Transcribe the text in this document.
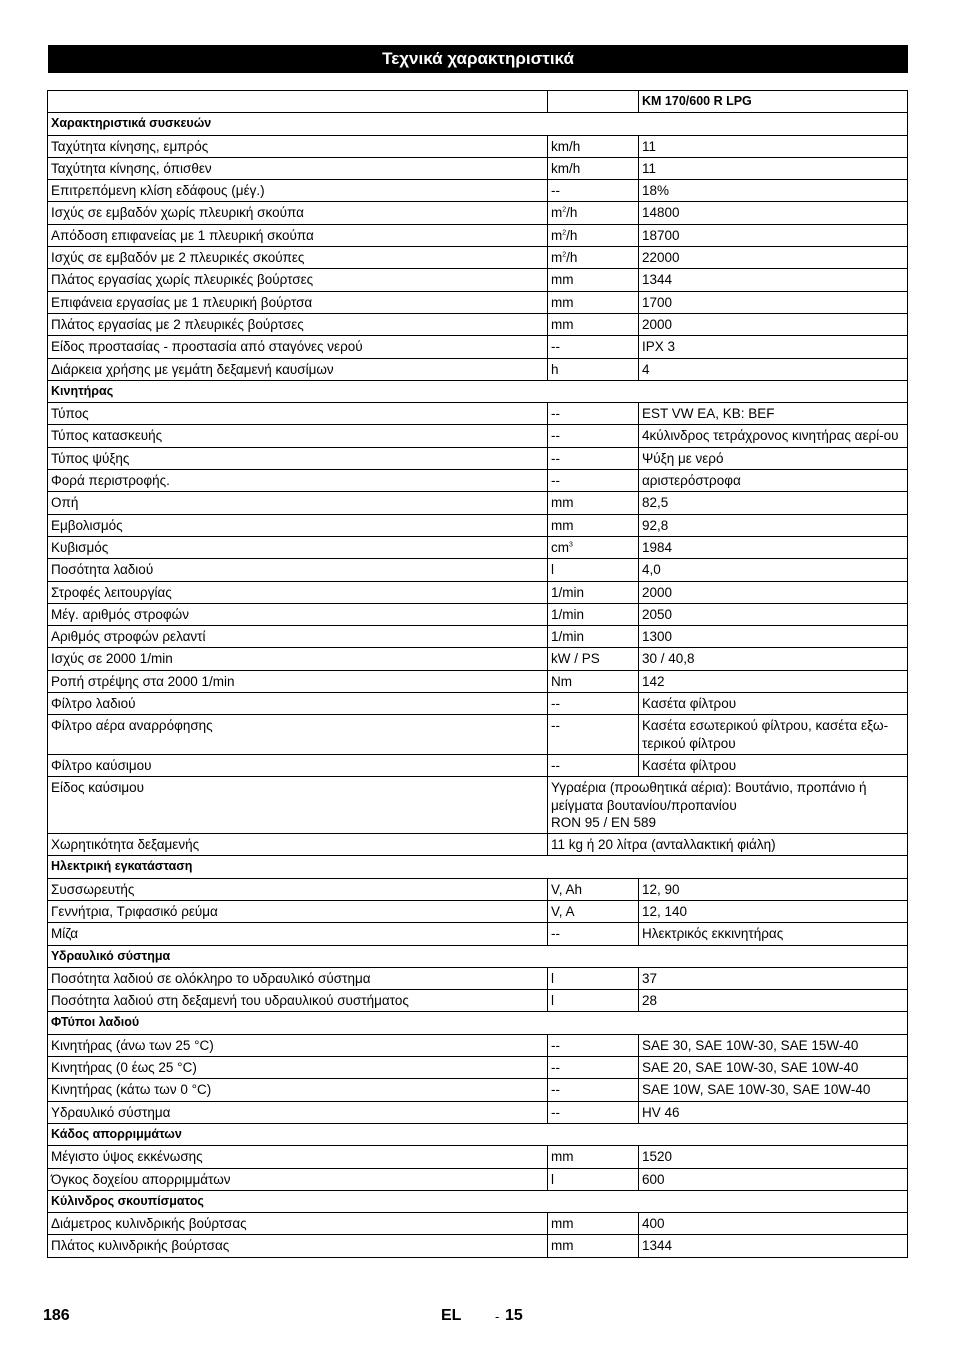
Τεχνικά χαρακτηριστικά
		KM 170/600 R LPG
Χαρακτηριστικά συσκευών		
Ταχύτητα κίνησης, εμπρός	km/h	11
Ταχύτητα κίνησης, όπισθεν	km/h	11
Επιτρεπόμενη κλίση εδάφους (μέγ.)	--	18%
Ισχύς σε εμβαδόν χωρίς πλευρική σκούπα	$m^2/h$	14800
Απόδοση επιφανείας με 1 πλευρική σκούπα	$m^2/h$	18700
Ισχύς σε εμβαδόν με 2 πλευρικές σκούπες	$m^2/h$	22000
Πλάτος εργασίας χωρίς πλευρικές βούρτσες	mm	1344
Επιφάνεια εργασίας με 1 πλευρική βούρτσα	mm	1700
Πλάτος εργασίας με 2 πλευρικές βούρτσες	mm	2000
Είδος προστασίας - προστασία από σταγόνες νερού	--	IPX 3
Διάρκεια χρήσης με γεμάτη δεξαμενή καυσίμων	h	4
Κινητήρας		
Τύπος	--	EST VW EA, KB: BEF
Τύπος κατασκευής	--	4κύλινδρος τετράχρονος κινητήρας αερί-ου
Τύπος ψύξης	--	Ψύξη με νερό
Φορά περιστροφής.	--	αριστερόστροφα
Οπή	mm	82,5
Εμβολισμός	mm	92,8
Κυβισμός	$cm^3$	1984
Ποσότητα λαδιού	l	4,0
Στροφές λειτουργίας	1/min	2000
Μέγ. αριθμός στροφών	1/min	2050
Αριθμός στροφών ρελαντί	1/min	1300
Ισχύς σε 2000 1/min	kW / PS	30 / 40,8
Ροπή στρέψης στα 2000 1/min	Nm	142
Φίλτρο λαδιού	--	Κασέτα φίλτρου
Φίλτρο αέρα αναρρόφησης	--	Κασέτα εσωτερικού φίλτρου, κασέτα εξω-τερικού φίλτρου
Φίλτρο καύσιμου	--	Κασέτα φίλτρου
Είδος καύσιμου	Υγραέρια (προωθητικά αέρια): Βουτάνιο, προπάνιο ή μείγματα βουτανίου/προπανίου
RON 95 / EN 589	
Χωρητικότητα δεξαμενής	11 kg ή 20 λίτρα (ανταλλακτική φιάλη)	
Ηλεκτρική εγκατάσταση		
Συσσωρευτής	V, Ah	12, 90
Γεννήτρια, Τριφασικό ρεύμα	V, A	12, 140
Μίζα	--	Ηλεκτρικός εκκινητήρας
Υδραυλικό σύστημα		
Ποσότητα λαδιού σε ολόκληρο το υδραυλικό σύστημα	l	37
Ποσότητα λαδιού στη δεξαμενή του υδραυλικού συστήματος	l	28
ΦΤύποι λαδιού		
Κινητήρας (άνω των 25 °C)	--	SAE 30, SAE 10W-30, SAE 15W-40
Κινητήρας (0 έως 25 °C)	--	SAE 20, SAE 10W-30, SAE 10W-40
Κινητήρας (κάτω των 0 °C)	--	SAE 10W, SAE 10W-30, SAE 10W-40
Υδραυλικό σύστημα	--	HV 46
Κάδος απορριμμάτων		
Μέγιστο ύψος εκκένωσης	mm	1520
Όγκος δοχείου απορριμμάτων	l	600
Κύλινδρος σκουπίσματος		
Διάμετρος κυλινδρικής βούρτσας	mm	400
Πλάτος κυλινδρικής βούρτσας	mm	1344
186	EL	- 15
